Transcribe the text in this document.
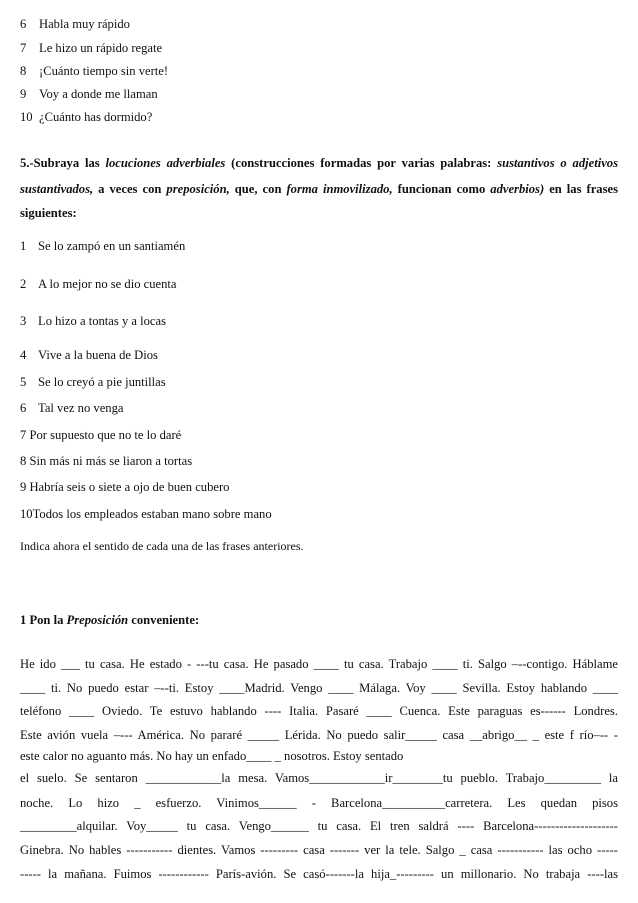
6 Habla muy rápido
7 Le hizo un rápido regate
8 ¡Cuánto tiempo sin verte!
9 Voy a donde me llaman
10 ¿Cuánto has dormido?
5.-Subraya las locuciones adverbiales (construcciones formadas por varias palabras: sustantivos o adjetivos
sustantivados, a veces con preposición, que, con forma inmovilizado, funcionan como adverbios) en las frases
siguientes:
1 Se lo zampó en un santiamén
2 A lo mejor no se dio cuenta
3 Lo hizo a tontas y a locas
4 Vive a la buena de Dios
5 Se lo creyó a pie juntillas
6 Tal vez no venga
7 Por supuesto que no te lo daré
8 Sin más ni más se liaron a tortas
9 Habría seis o siete a ojo de buen cubero
10Todos los empleados estaban mano sobre mano
Indica ahora el sentido de cada una de las frases anteriores.
1 Pon la Preposición conveniente:
He ido ___ tu casa. He estado - ---tu casa. He pasado ____ tu casa. Trabajo ____ ti. Salgo –--contigo. Háblame
____ ti. No puedo estar –--ti. Estoy ____Madrid. Vengo ____ Málaga. Voy ____ Sevilla. Estoy hablando ____
teléfono ____ Oviedo. Te estuvo hablando ---- Italia. Pasaré ____ Cuenca. Este paraguas es------ Londres.
Este avión vuela –--- América. No pararé _____ Lérida. No puedo salir_____ casa __abrigo__ _ este f río–-- -
este calor no aguanto más. No hay un enfado____ _ nosotros. Estoy sentado
el suelo. Se sentaron ____________la mesa. Vamos____________ir________tu pueblo. Trabajo_________ la
noche. Lo hizo _ esfuerzo. Vinimos______ - Barcelona__________carretera. Les quedan pisos
_________alquilar. Voy_____ tu casa. Vengo______ tu casa. El tren saldrá ---- Barcelona--------------------
Ginebra. No hables ----------- dientes. Vamos --------- casa ------- ver la tele. Salgo _ casa ----------- las ocho -----
----- la mañana. Fuimos ------------ París-avión. Se casó-------la hija_--------- un millonario. No trabaja ----las
